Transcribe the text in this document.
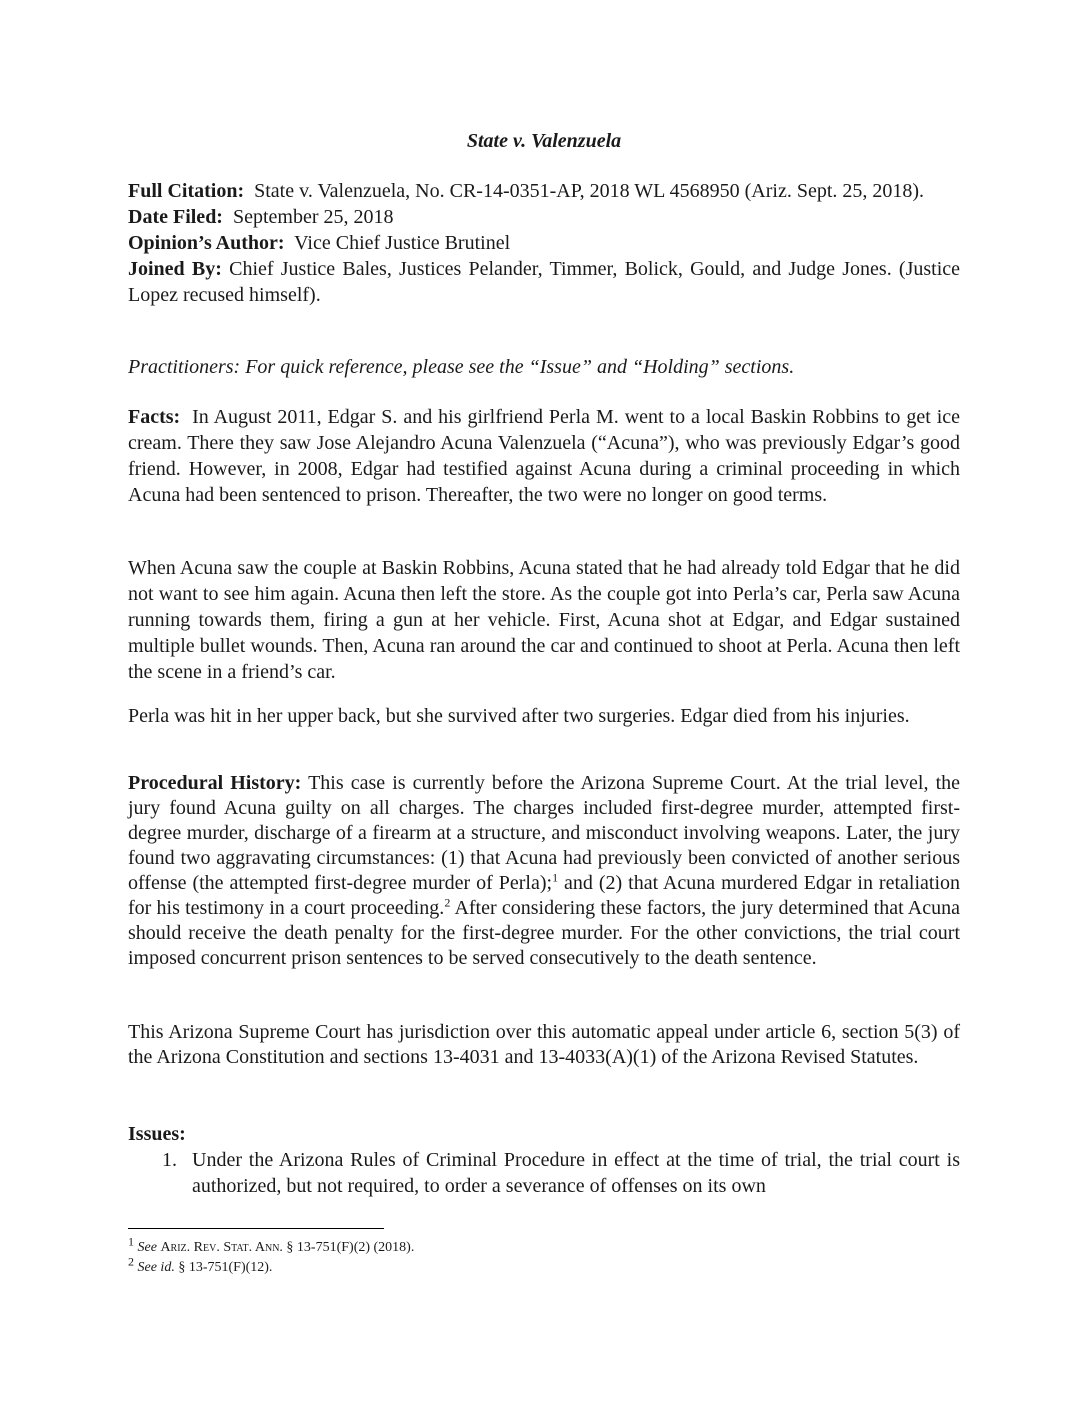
State v. Valenzuela

Full Citation: State v. Valenzuela, No. CR-14-0351-AP, 2018 WL 4568950 (Ariz. Sept. 25, 2018).

Date Filed: September 25, 2018

Opinion’s Author: Vice Chief Justice Brutinel

Joined By: Chief Justice Bales, Justices Pelander, Timmer, Bolick, Gould, and Judge Jones. (Justice Lopez recused himself).

Practitioners: For quick reference, please see the “Issue” and “Holding” sections.

Facts: In August 2011, Edgar S. and his girlfriend Perla M. went to a local Baskin Robbins to get ice cream. There they saw Jose Alejandro Acuna Valenzuela (“Acuna”), who was previously Edgar’s good friend. However, in 2008, Edgar had testified against Acuna during a criminal proceeding in which Acuna had been sentenced to prison. Thereafter, the two were no longer on good terms.

When Acuna saw the couple at Baskin Robbins, Acuna stated that he had already told Edgar that he did not want to see him again. Acuna then left the store. As the couple got into Perla’s car, Perla saw Acuna running towards them, firing a gun at her vehicle. First, Acuna shot at Edgar, and Edgar sustained multiple bullet wounds. Then, Acuna ran around the car and continued to shoot at Perla. Acuna then left the scene in a friend’s car.
Perla was hit in her upper back, but she survived after two surgeries. Edgar died from his injuries.

Procedural History: This case is currently before the Arizona Supreme Court. At the trial level, the jury found Acuna guilty on all charges. The charges included first-degree murder, attempted first-degree murder, discharge of a firearm at a structure, and misconduct involving weapons. Later, the jury found two aggravating circumstances: (1) that Acuna had previously been convicted of another serious offense (the attempted first-degree murder of Perla);$^1$ and (2) that Acuna murdered Edgar in retaliation for his testimony in a court proceeding.$^2$ After considering these factors, the jury determined that Acuna should receive the death penalty for the first-degree murder. For the other convictions, the trial court imposed concurrent prison sentences to be served consecutively to the death sentence.

This Arizona Supreme Court has jurisdiction over this automatic appeal under article 6, section 5(3) of the Arizona Constitution and sections 13-4031 and 13-4033(A)(1) of the Arizona Revised Statutes.

Issues:

1. Under the Arizona Rules of Criminal Procedure in effect at the time of trial, the trial court is authorized, but not required, to order a severance of offenses on its own

$^1$ See Ariz. Rev. Stat. Ann. § 13-751(F)(2) (2018).

$^2$ See id. § 13-751(F)(12).
